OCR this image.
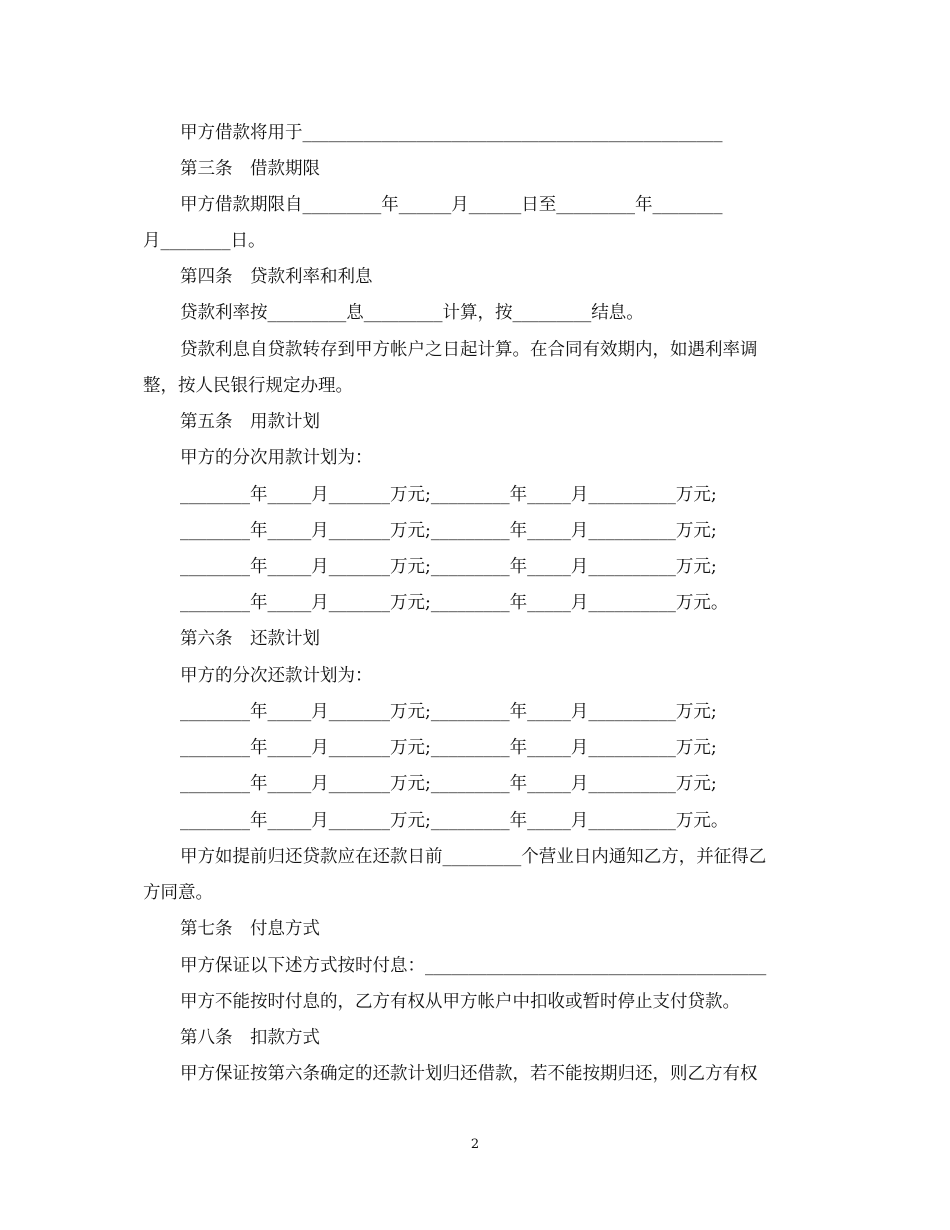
甲方借款将用于________________________________________________
第三条　借款期限
甲方借款期限自_________年______月______日至_________年________
月________日。
第四条　贷款利率和利息
贷款利率按_________息_________计算，按_________结息。
贷款利息自贷款转存到甲方帐户之日起计算。在合同有效期内，如遇利率调
整，按人民银行规定办理。
第五条　用款计划
甲方的分次用款计划为：
________年_____月_______万元;_________年_____月__________万元;
________年_____月_______万元;_________年_____月__________万元;
________年_____月_______万元;_________年_____月__________万元;
________年_____月_______万元;_________年_____月__________万元。
第六条　还款计划
甲方的分次还款计划为：
________年_____月_______万元;_________年_____月__________万元;
________年_____月_______万元;_________年_____月__________万元;
________年_____月_______万元;_________年_____月__________万元;
________年_____月_______万元;_________年_____月__________万元。
甲方如提前归还贷款应在还款日前_________个营业日内通知乙方，并征得乙
方同意。
第七条　付息方式
甲方保证以下述方式按时付息：_______________________________________
甲方不能按时付息的，乙方有权从甲方帐户中扣收或暂时停止支付贷款。
第八条　扣款方式
甲方保证按第六条确定的还款计划归还借款，若不能按期归还，则乙方有权
2
